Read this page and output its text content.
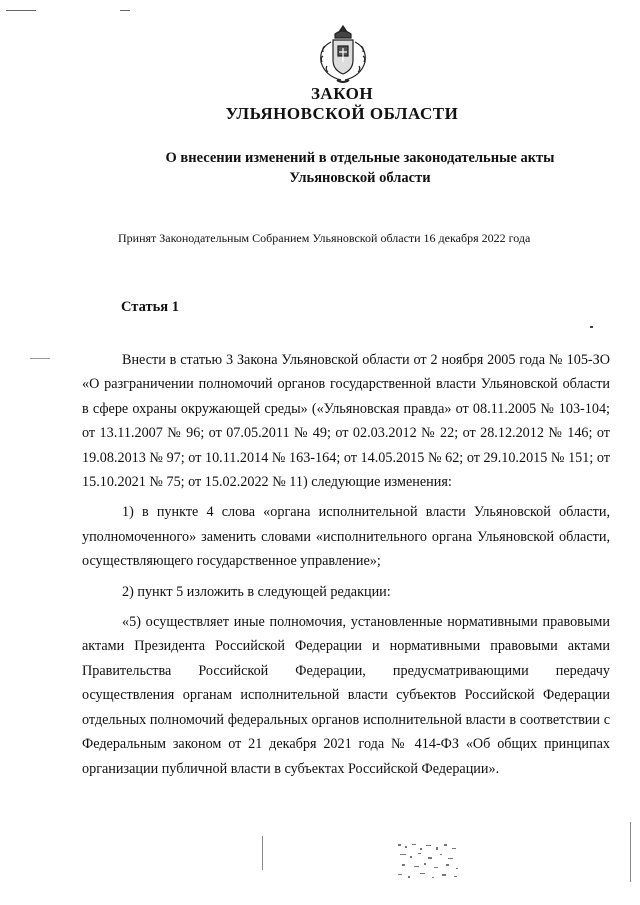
ЗАКОН
УЛЬЯНОВСКОЙ ОБЛАСТИ
О внесении изменений в отдельные законодательные акты Ульяновской области
Принят Законодательным Собранием Ульяновской области 16 декабря 2022 года
Статья 1

Внести в статью 3 Закона Ульяновской области от 2 ноября 2005 года № 105-ЗО «О разграничении полномочий органов государственной власти Ульяновской области в сфере охраны окружающей среды» («Ульяновская правда» от 08.11.2005 № 103-104; от 13.11.2007 № 96; от 07.05.2011 № 49; от 02.03.2012 № 22; от 28.12.2012 № 146; от 19.08.2013 № 97; от 10.11.2014 № 163-164; от 14.05.2015 № 62; от 29.10.2015 № 151; от 15.10.2021 № 75; от 15.02.2022 № 11) следующие изменения:

1) в пункте 4 слова «органа исполнительной власти Ульяновской области, уполномоченного» заменить словами «исполнительного органа Ульяновской области, осуществляющего государственное управление»;

2) пункт 5 изложить в следующей редакции:

«5) осуществляет иные полномочия, установленные нормативными правовыми актами Президента Российской Федерации и нормативными правовыми актами Правительства Российской Федерации, предусматривающими передачу осуществления органам исполнительной власти субъектов Российской Федерации отдельных полномочий федеральных органов исполнительной власти в соответствии с Федеральным законом от 21 декабря 2021 года № 414-ФЗ «Об общих принципах организации публичной власти в субъектах Российской Федерации».
